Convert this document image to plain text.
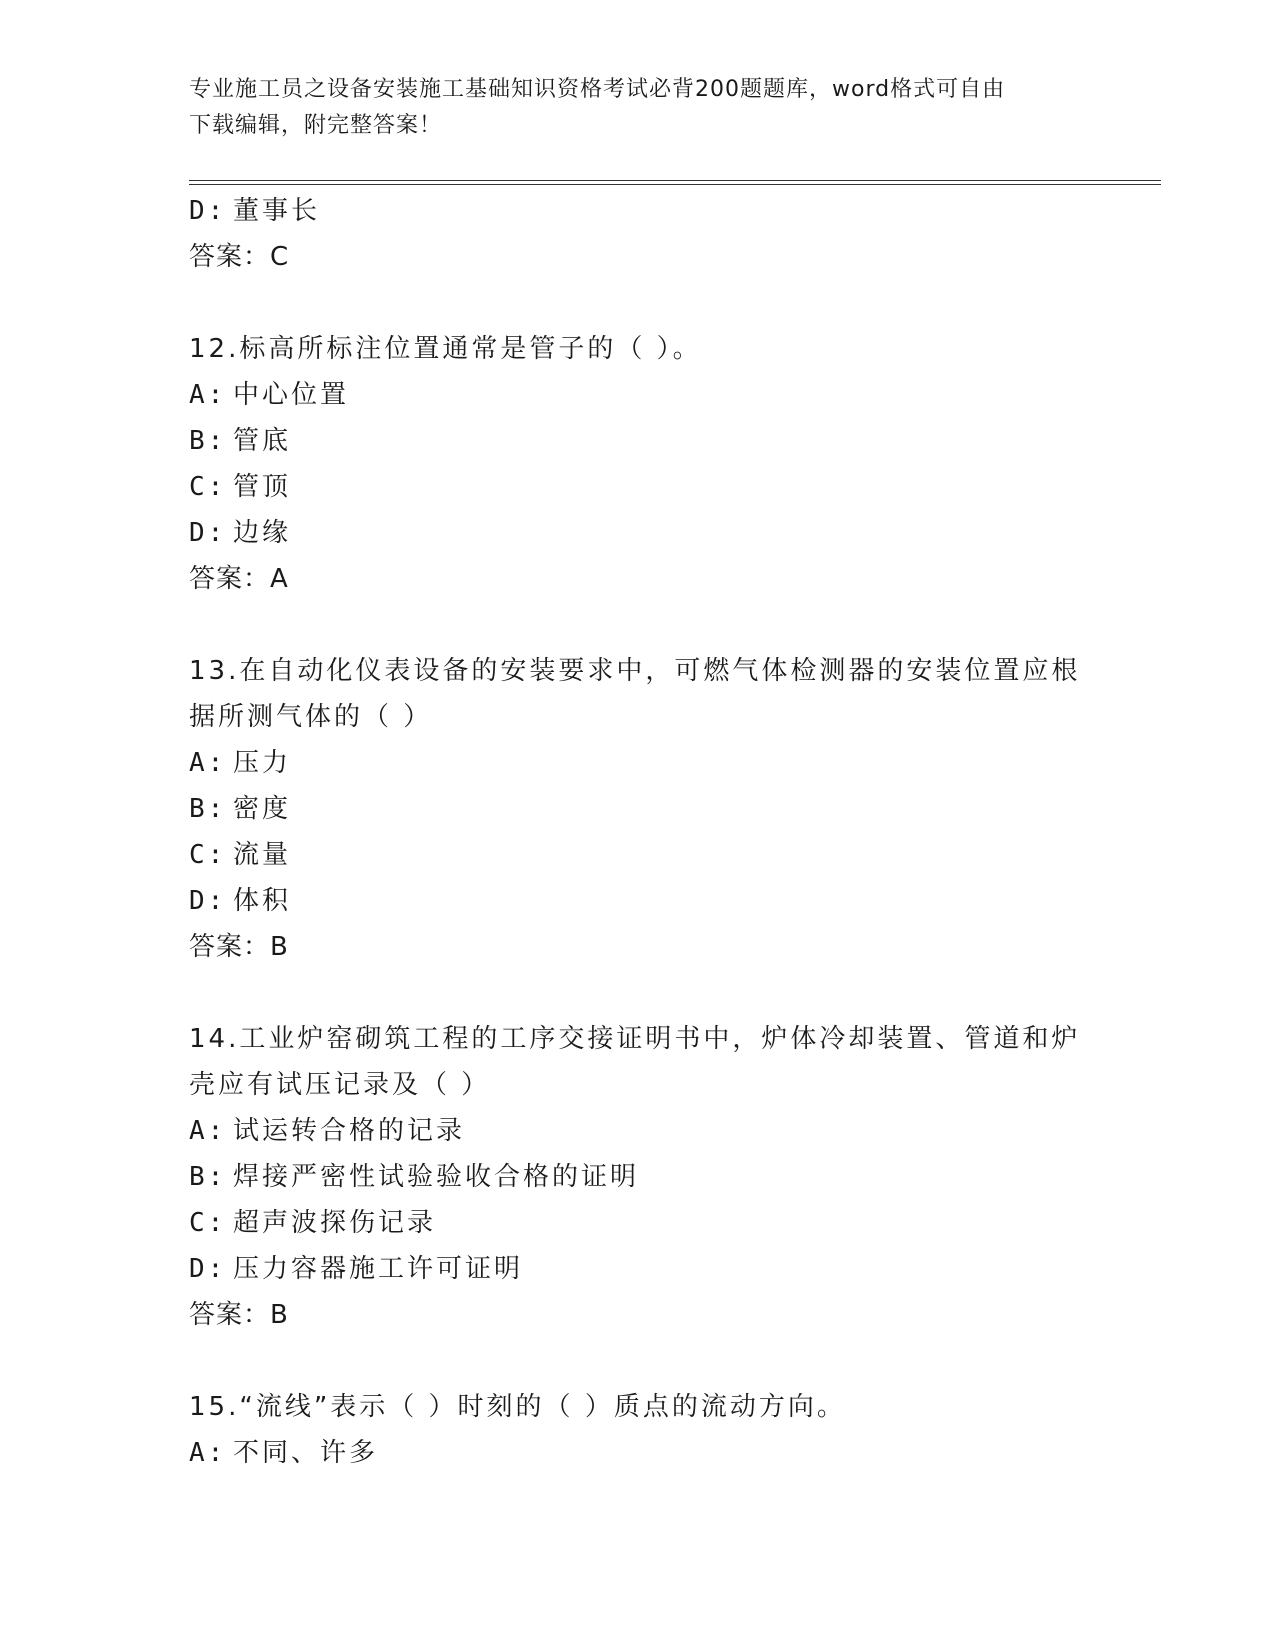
专业施工员之设备安装施工基础知识资格考试必背200题题库，word格式可自由
下载编辑，附完整答案！
D: 董事长
答案：C
12.标高所标注位置通常是管子的（ ）。
A: 中心位置
B: 管底
C: 管顶
D: 边缘
答案：A
13.在自动化仪表设备的安装要求中，可燃气体检测器的安装位置应根
据所测气体的（ ）
A: 压力
B: 密度
C: 流量
D: 体积
答案：B
14.工业炉窑砌筑工程的工序交接证明书中，炉体冷却装置、管道和炉
壳应有试压记录及（ ）
A: 试运转合格的记录
B: 焊接严密性试验验收合格的证明
C: 超声波探伤记录
D: 压力容器施工许可证明
答案：B
15.“流线”表示（ ）时刻的（ ）质点的流动方向。
A: 不同、许多
